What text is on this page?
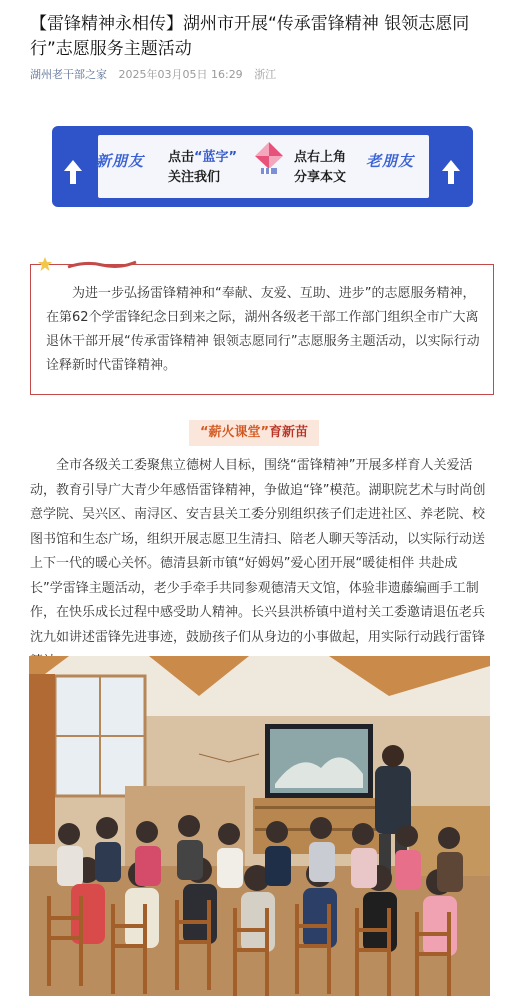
【雷锋精神永相传】湖州市开展“传承雷锋精神 银领志愿同行”志愿服务主题活动
湖州老干部之家 2025年03月05日 16:29 浙江
新朋友	老朋友
点击“蓝字”
关注我们
点右上角
分享本文

为进一步弘扬雷锋精神和“奉献、友爱、互助、进步”的志愿服务精神，在第62个学雷锋纪念日到来之际，湖州各级老干部工作部门组织全市广大离退休干部开展“传承雷锋精神 银领志愿同行”志愿服务主题活动，以实际行动诠释新时代雷锋精神。

“薪火课堂”育新苗

全市各级关工委聚焦立德树人目标，围绕“雷锋精神”开展多样育人关爱活动，教育引导广大青少年感悟雷锋精神，争做追“锋”模范。湖职院艺术与时尚创意学院、吴兴区、南浔区、安吉县关工委分别组织孩子们走进社区、养老院、校图书馆和生态广场，组织开展志愿卫生清扫、陪老人聊天等活动，以实际行动送上下一代的暖心关怀。德清县新市镇“好姆妈”爱心团开展“暖徒相伴 共赴成长”学雷锋主题活动，老少手牵手共同参观德清天文馆，体验非遗藤编画手工制作，在快乐成长过程中感受助人精神。长兴县洪桥镇中道村关工委邀请退伍老兵沈九如讲述雷锋先进事迹，鼓励孩子们从身边的小事做起，用实际行动践行雷锋
